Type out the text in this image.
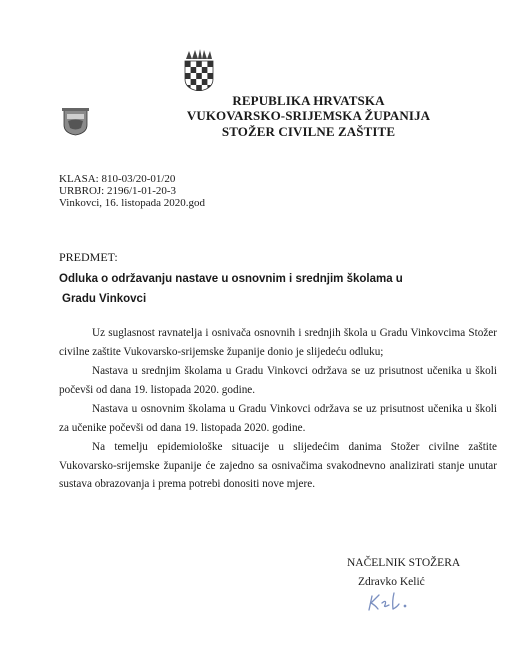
REPUBLIKA HRVATSKA
VUKOVARSKO-SRIJEMSKA ŽUPANIJA
STOŽER CIVILNE ZAŠTITE
KLASA: 810-03/20-01/20
URBROJ: 2196/1-01-20-3
Vinkovci, 16. listopada 2020.god
PREDMET:
Odluka o održavanju nastave u osnovnim i srednjim školama u
Gradu Vinkovci
Uz suglasnost ravnatelja i osnivača osnovnih i srednjih škola u Gradu Vinkovcima Stožer civilne zaštite Vukovarsko-srijemske županije donio je slijedeću odluku;
Nastava u srednjim školama u Gradu Vinkovci održava se uz prisutnost učenika u školi počevši od dana 19. listopada 2020. godine.
Nastava u osnovnim školama u Gradu Vinkovci održava se uz prisutnost učenika u školi za učenike počevši od dana 19. listopada 2020. godine.
Na temelju epidemiološke situacije u slijedećim danima Stožer civilne zaštite Vukovarsko-srijemske županije će zajedno sa osnivačima svakodnevno analizirati stanje unutar sustava obrazovanja i prema potrebi donositi nove mjere.
NAČELNIK STOŽERA
Zdravko Kelić
